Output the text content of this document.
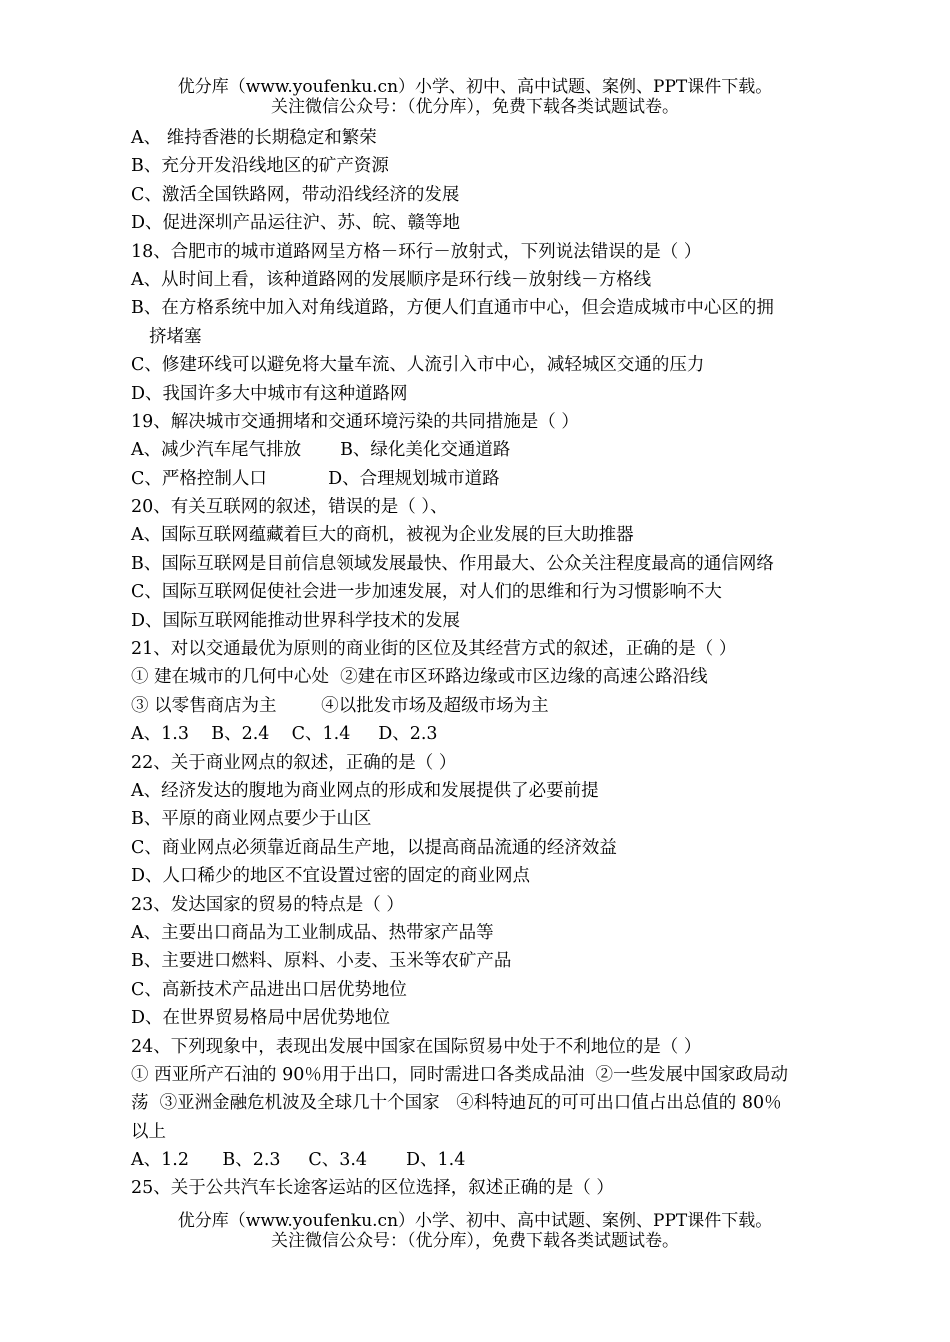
优分库（www.youfenku.cn）小学、初中、高中试题、案例、PPT课件下载。
关注微信公众号：（优分库），免费下载各类试题试卷。
A、 维持香港的长期稳定和繁荣
B、充分开发沿线地区的矿产资源
C、激活全国铁路网，带动沿线经济的发展
D、促进深圳产品运往沪、苏、皖、赣等地
18、合肥市的城市道路网呈方格－环行－放射式，下列说法错误的是（ ）
A、从时间上看，该种道路网的发展顺序是环行线－放射线－方格线
B、在方格系统中加入对角线道路，方便人们直通市中心，但会造成城市中心区的拥
挤堵塞
C、修建环线可以避免将大量车流、人流引入市中心，减轻城区交通的压力
D、我国许多大中城市有这种道路网
19、解决城市交通拥堵和交通环境污染的共同措施是（ ）
A、减少汽车尾气排放       B、绿化美化交通道路
C、严格控制人口           D、合理规划城市道路
20、有关互联网的叙述，错误的是（ ）、
A、国际互联网蕴藏着巨大的商机，被视为企业发展的巨大助推器
B、国际互联网是目前信息领域发展最快、作用最大、公众关注程度最高的通信网络
C、国际互联网促使社会进一步加速发展，对人们的思维和行为习惯影响不大
D、国际互联网能推动世界科学技术的发展
21、对以交通最优为原则的商业街的区位及其经营方式的叙述，正确的是（ ）
① 建在城市的几何中心处  ②建在市区环路边缘或市区边缘的高速公路沿线
③ 以零售商店为主        ④以批发市场及超级市场为主
A、1.3    B、2.4    C、1.4     D、2.3
22、关于商业网点的叙述，正确的是（ ）
A、经济发达的腹地为商业网点的形成和发展提供了必要前提
B、平原的商业网点要少于山区
C、商业网点必须靠近商品生产地，以提高商品流通的经济效益
D、人口稀少的地区不宜设置过密的固定的商业网点
23、发达国家的贸易的特点是（ ）
A、主要出口商品为工业制成品、热带家产品等
B、主要进口燃料、原料、小麦、玉米等农矿产品
C、高新技术产品进出口居优势地位
D、在世界贸易格局中居优势地位
24、下列现象中，表现出发展中国家在国际贸易中处于不利地位的是（ ）
① 西亚所产石油的 90％用于出口，同时需进口各类成品油  ②一些发展中国家政局动
荡  ③亚洲金融危机波及全球几十个国家   ④科特迪瓦的可可出口值占出总值的 80％
以上
A、1.2      B、2.3     C、3.4       D、1.4
25、关于公共汽车长途客运站的区位选择，叙述正确的是（ ）
优分库（www.youfenku.cn）小学、初中、高中试题、案例、PPT课件下载。
关注微信公众号：（优分库），免费下载各类试题试卷。
